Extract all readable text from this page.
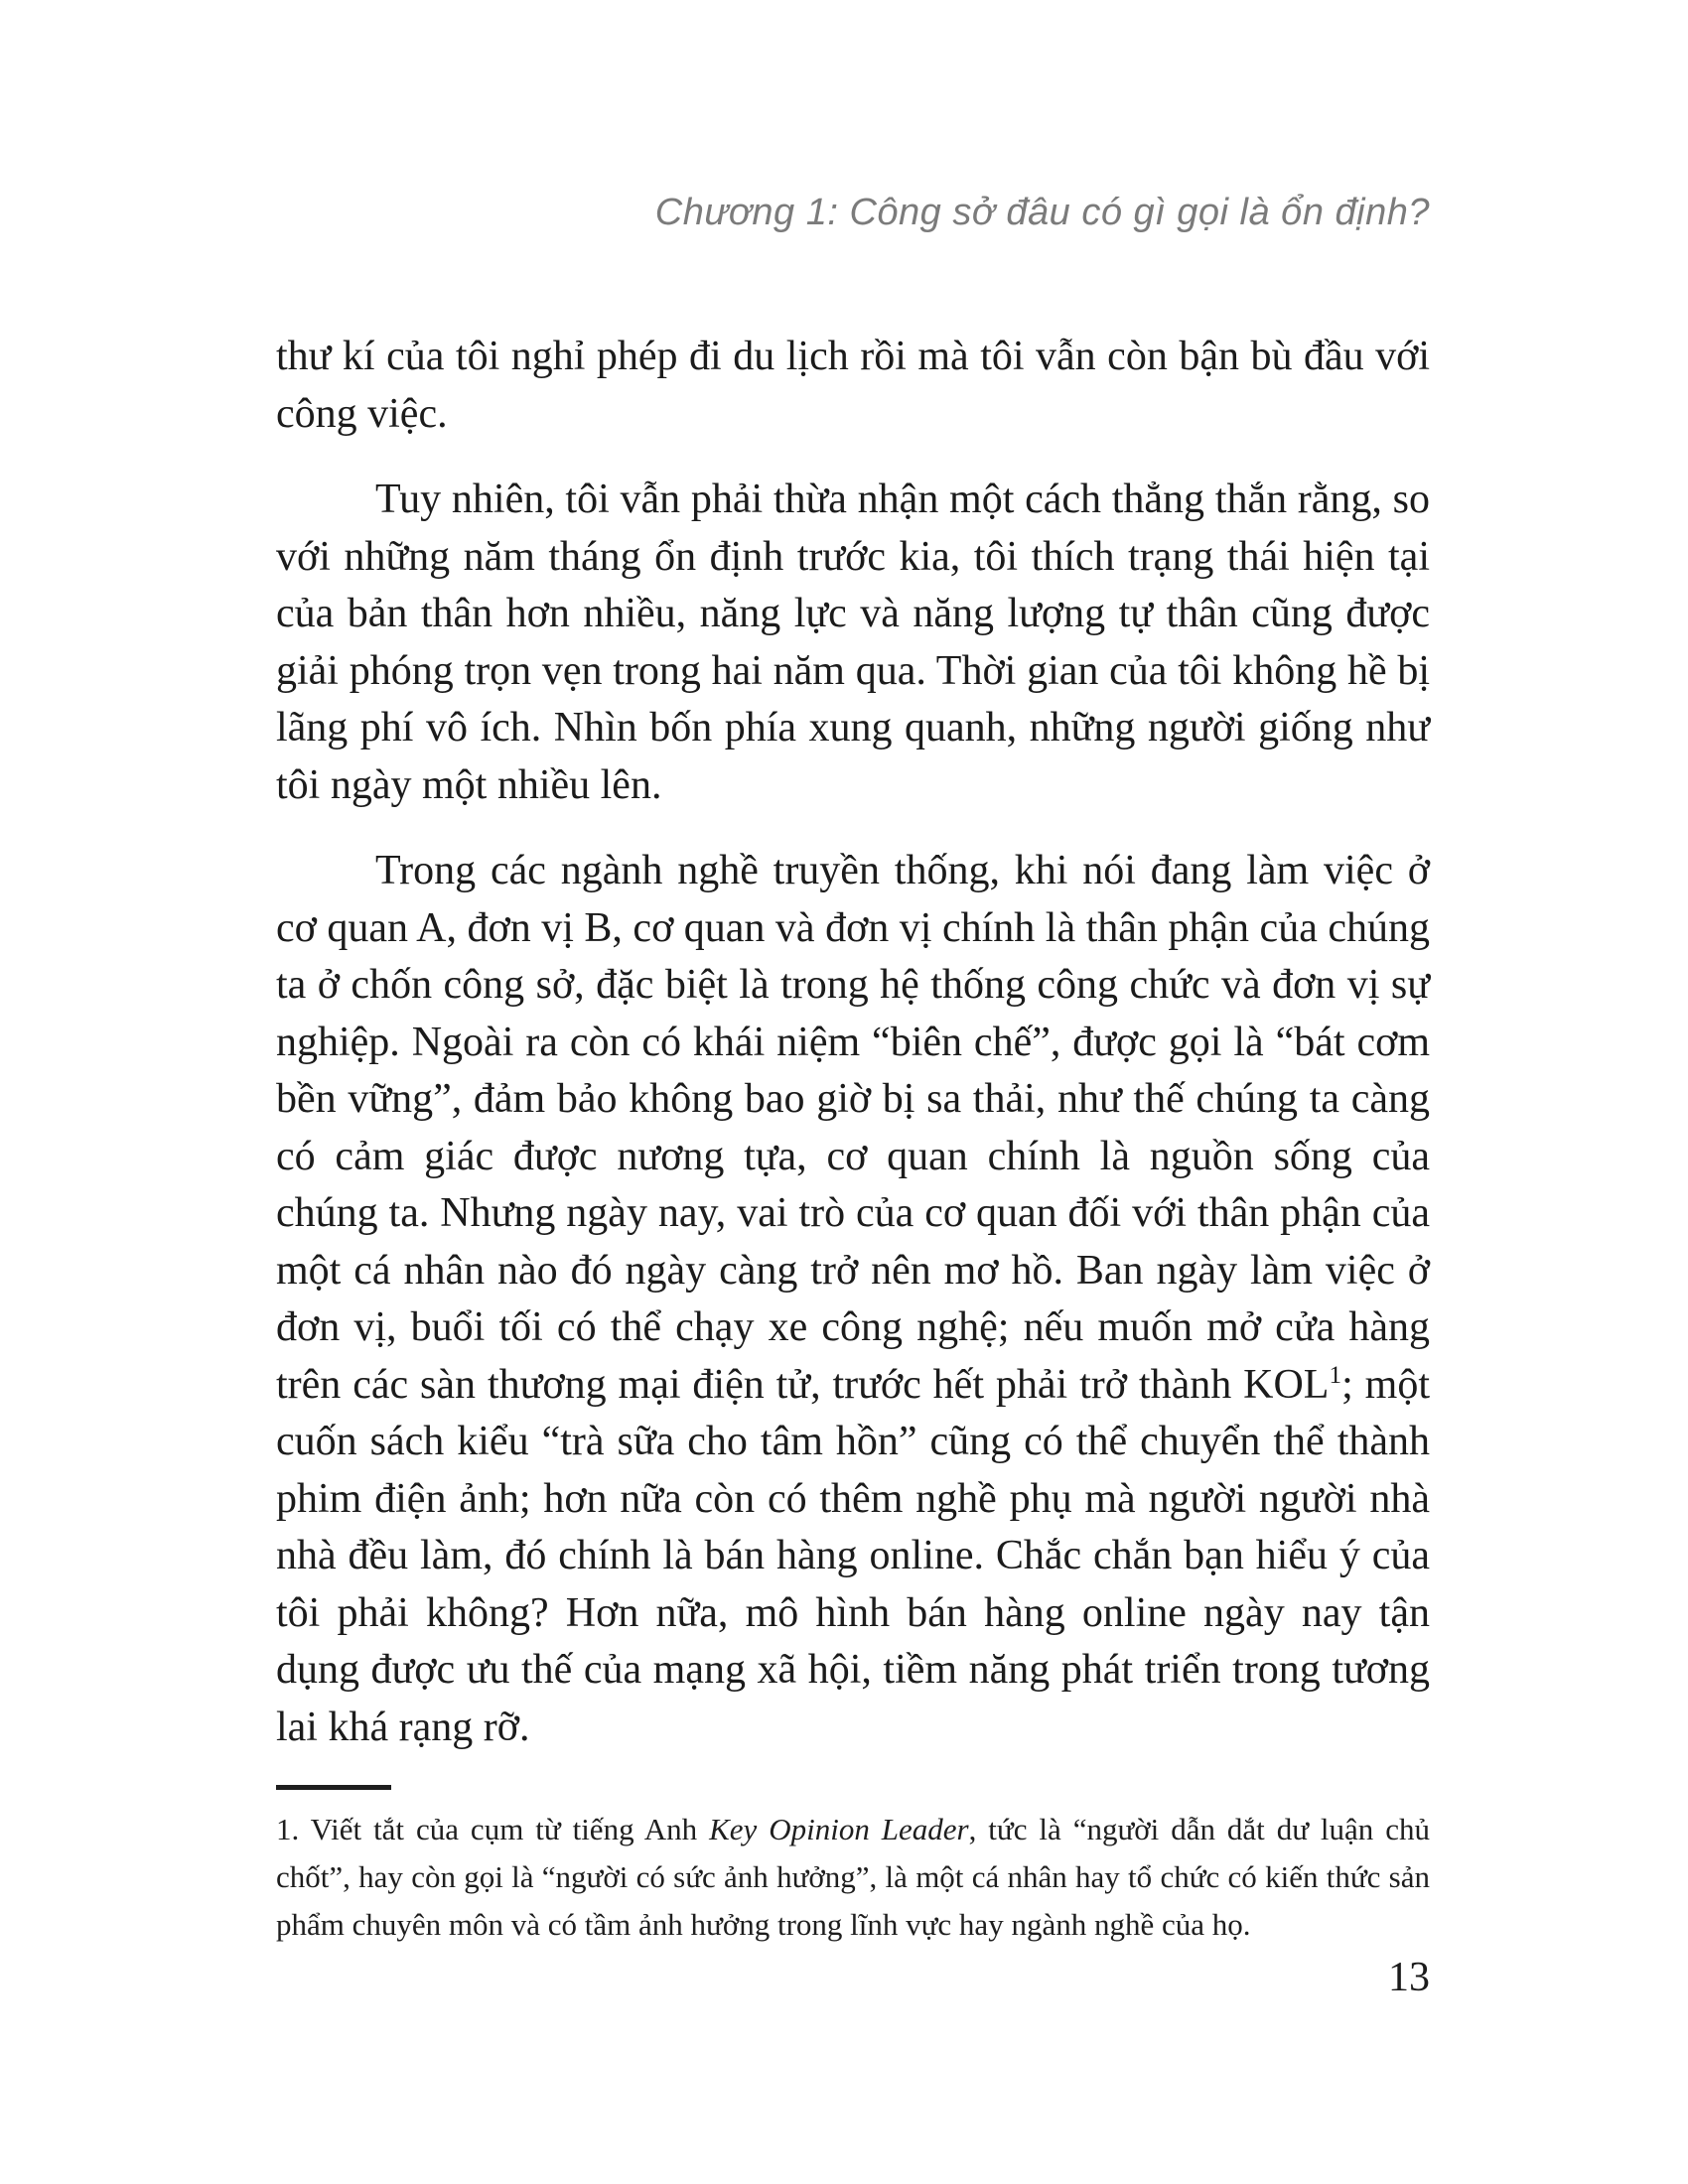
Chương 1: Công sở đâu có gì gọi là ổn định?

thư kí của tôi nghỉ phép đi du lịch rồi mà tôi vẫn còn bận bù đầu với công việc.

Tuy nhiên, tôi vẫn phải thừa nhận một cách thẳng thắn rằng, so với những năm tháng ổn định trước kia, tôi thích trạng thái hiện tại của bản thân hơn nhiều, năng lực và năng lượng tự thân cũng được giải phóng trọn vẹn trong hai năm qua. Thời gian của tôi không hề bị lãng phí vô ích. Nhìn bốn phía xung quanh, những người giống như tôi ngày một nhiều lên.

Trong các ngành nghề truyền thống, khi nói đang làm việc ở cơ quan A, đơn vị B, cơ quan và đơn vị chính là thân phận của chúng ta ở chốn công sở, đặc biệt là trong hệ thống công chức và đơn vị sự nghiệp. Ngoài ra còn có khái niệm “biên chế”, được gọi là “bát cơm bền vững”, đảm bảo không bao giờ bị sa thải, như thế chúng ta càng có cảm giác được nương tựa, cơ quan chính là nguồn sống của chúng ta. Nhưng ngày nay, vai trò của cơ quan đối với thân phận của một cá nhân nào đó ngày càng trở nên mơ hồ. Ban ngày làm việc ở đơn vị, buổi tối có thể chạy xe công nghệ; nếu muốn mở cửa hàng trên các sàn thương mại điện tử, trước hết phải trở thành KOL$^1$; một cuốn sách kiểu “trà sữa cho tâm hồn” cũng có thể chuyển thể thành phim điện ảnh; hơn nữa còn có thêm nghề phụ mà người người nhà nhà đều làm, đó chính là bán hàng online. Chắc chắn bạn hiểu ý của tôi phải không? Hơn nữa, mô hình bán hàng online ngày nay tận dụng được ưu thế của mạng xã hội, tiềm năng phát triển trong tương lai khá rạng rỡ.

1. Viết tắt của cụm từ tiếng Anh Key Opinion Leader, tức là “người dẫn dắt dư luận chủ chốt”, hay còn gọi là “người có sức ảnh hưởng”, là một cá nhân hay tổ chức có kiến thức sản phẩm chuyên môn và có tầm ảnh hưởng trong lĩnh vực hay ngành nghề của họ.
13
